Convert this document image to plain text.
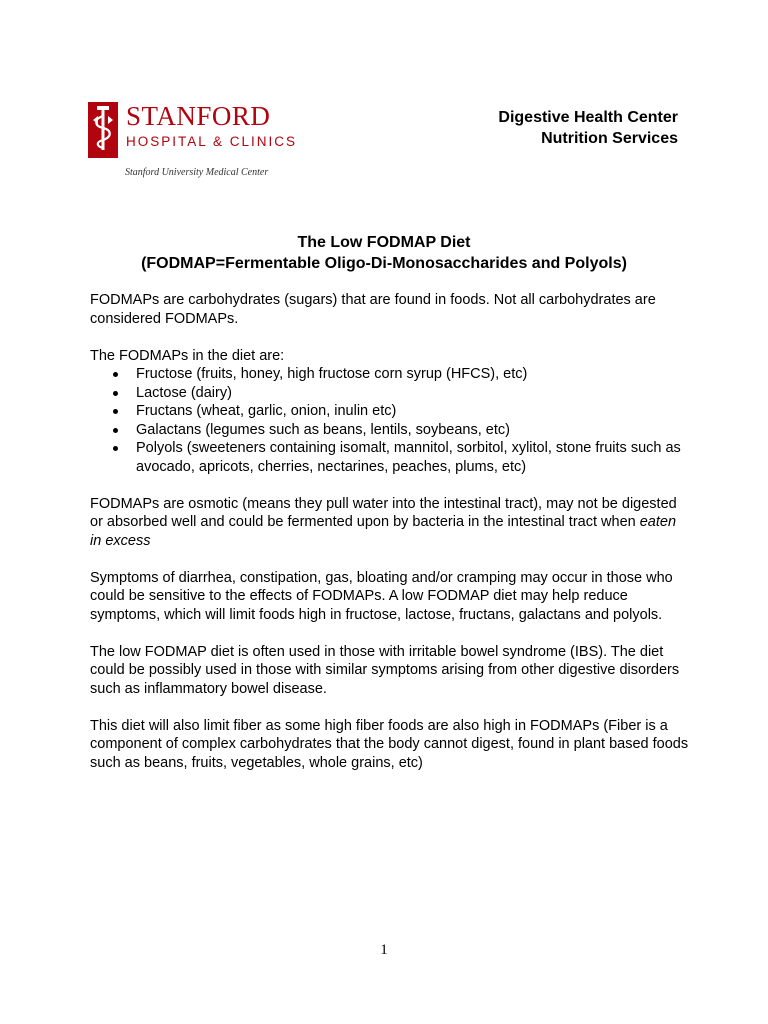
STANFORD
HOSPITAL & CLINICS
Stanford University Medical Center
Digestive Health Center
Nutrition Services
The Low FODMAP Diet
(FODMAP=Fermentable Oligo-Di-Monosaccharides and Polyols)

FODMAPs are carbohydrates (sugars) that are found in foods. Not all carbohydrates are considered FODMAPs.

The FODMAPs in the diet are:

Fructose (fruits, honey, high fructose corn syrup (HFCS), etc)
Lactose (dairy)
Fructans (wheat, garlic, onion, inulin etc)
Galactans (legumes such as beans, lentils, soybeans, etc)
Polyols (sweeteners containing isomalt, mannitol, sorbitol, xylitol, stone fruits such as avocado, apricots, cherries, nectarines, peaches, plums, etc)

FODMAPs are osmotic (means they pull water into the intestinal tract), may not be digested or absorbed well and could be fermented upon by bacteria in the intestinal tract when eaten in excess

Symptoms of diarrhea, constipation, gas, bloating and/or cramping may occur in those who could be sensitive to the effects of FODMAPs. A low FODMAP diet may help reduce symptoms, which will limit foods high in fructose, lactose, fructans, galactans and polyols.

The low FODMAP diet is often used in those with irritable bowel syndrome (IBS). The diet could be possibly used in those with similar symptoms arising from other digestive disorders such as inflammatory bowel disease.

This diet will also limit fiber as some high fiber foods are also high in FODMAPs (Fiber is a component of complex carbohydrates that the body cannot digest, found in plant based foods such as beans, fruits, vegetables, whole grains, etc)

1
